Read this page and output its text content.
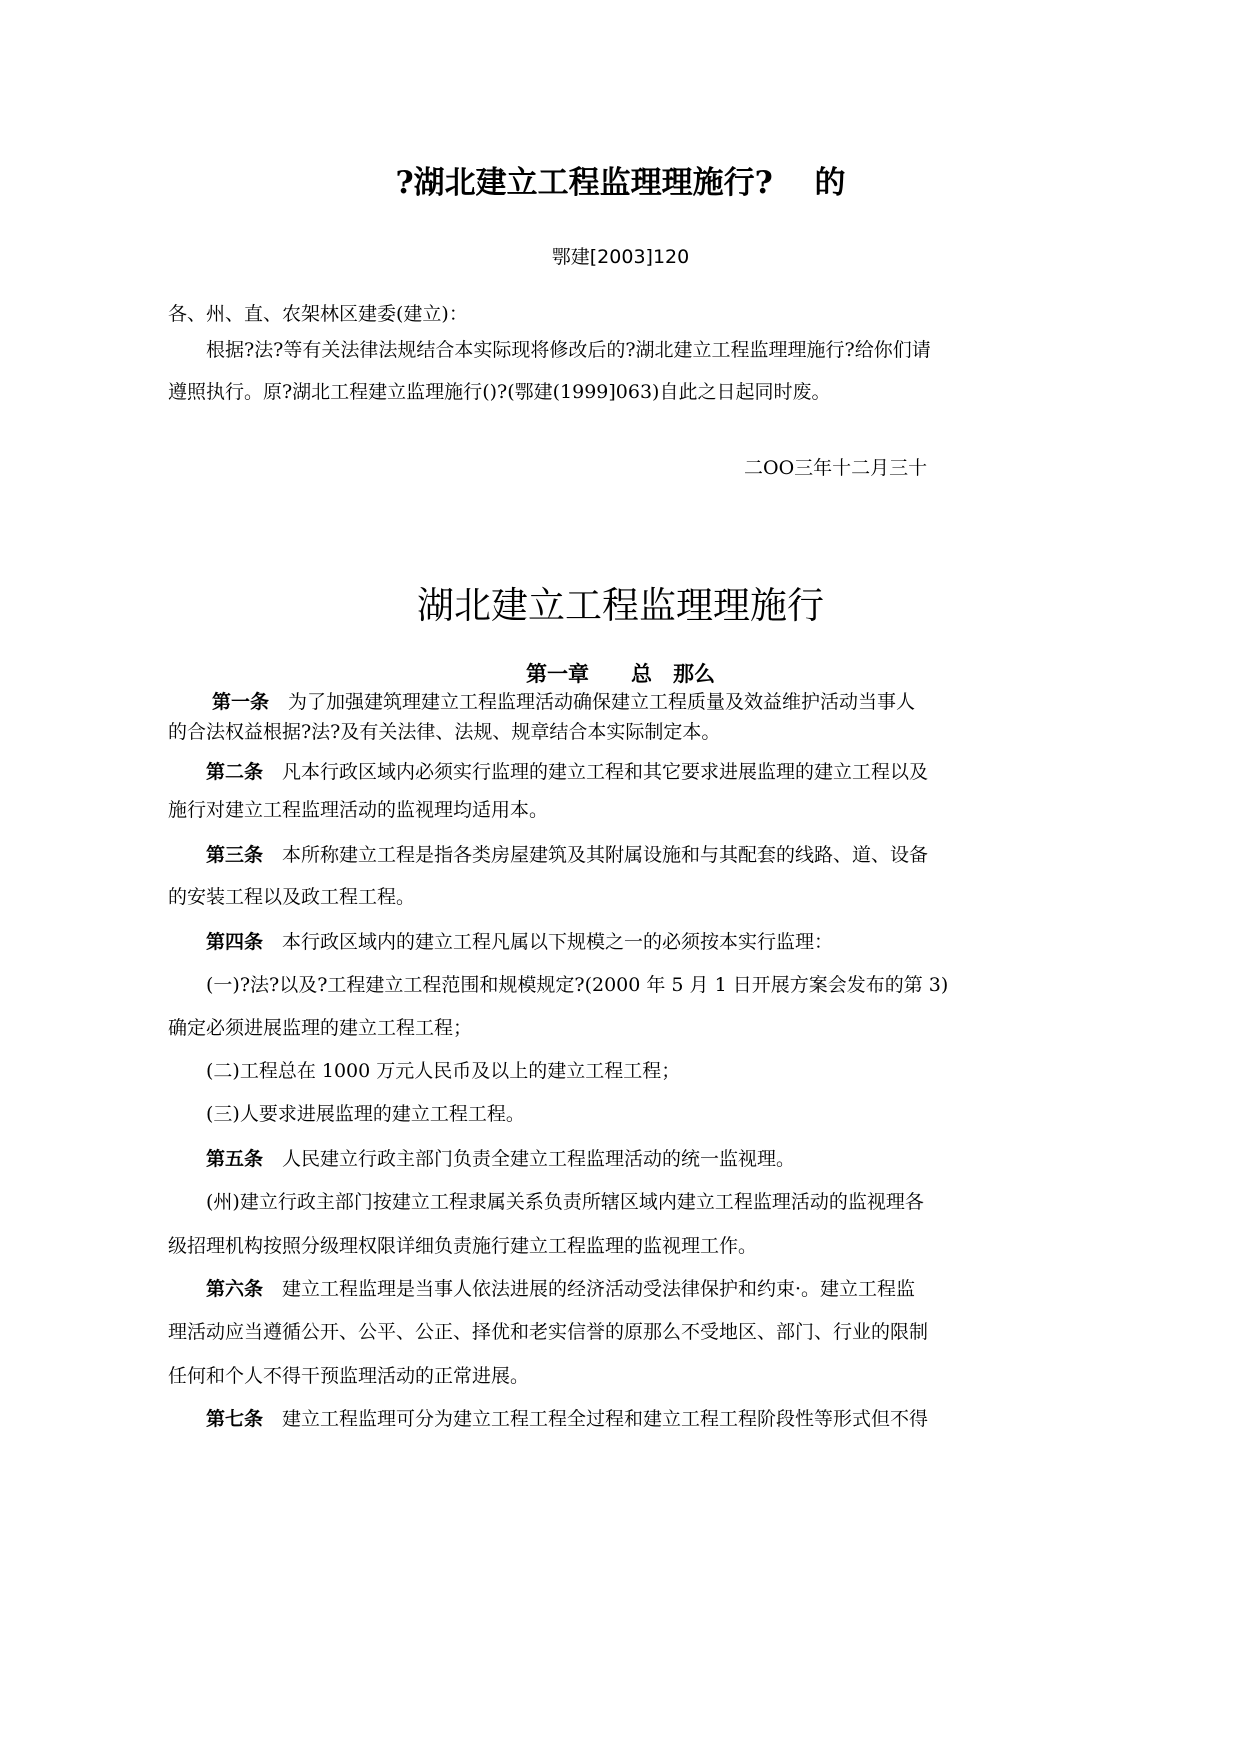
?湖北建立工程监理理施行?　 的
鄂建[2003]120
各、州、直、农架林区建委(建立)：
根据?法?等有关法律法规结合本实际现将修改后的?湖北建立工程监理理施行?给你们请
遵照执行。原?湖北工程建立监理施行()?(鄂建(1999]063)自此之日起同时废。
二OO三年十二月三十
湖北建立工程监理理施行
第一章　　总　那么
第一条  为了加强建筑理建立工程监理活动确保建立工程质量及效益维护活动当事人
的合法权益根据?法?及有关法律、法规、规章结合本实际制定本。
第二条  凡本行政区域内必须实行监理的建立工程和其它要求进展监理的建立工程以及
施行对建立工程监理活动的监视理均适用本。
第三条  本所称建立工程是指各类房屋建筑及其附属设施和与其配套的线路、道、设备
的安装工程以及政工程工程。
第四条  本行政区域内的建立工程凡属以下规模之一的必须按本实行监理：
(一)?法?以及?工程建立工程范围和规模规定?(2000 年 5 月 1 日开展方案会发布的第 3)
确定必须进展监理的建立工程工程；
(二)工程总在 1000 万元人民币及以上的建立工程工程；
(三)人要求进展监理的建立工程工程。
第五条  人民建立行政主部门负责全建立工程监理活动的统一监视理。
(州)建立行政主部门按建立工程隶属关系负责所辖区域内建立工程监理活动的监视理各
级招理机构按照分级理权限详细负责施行建立工程监理的监视理工作。
第六条  建立工程监理是当事人依法进展的经济活动受法律保护和约束·。建立工程监
理活动应当遵循公开、公平、公正、择优和老实信誉的原那么不受地区、部门、行业的限制
任何和个人不得干预监理活动的正常进展。
第七条  建立工程监理可分为建立工程工程全过程和建立工程工程阶段性等形式但不得
